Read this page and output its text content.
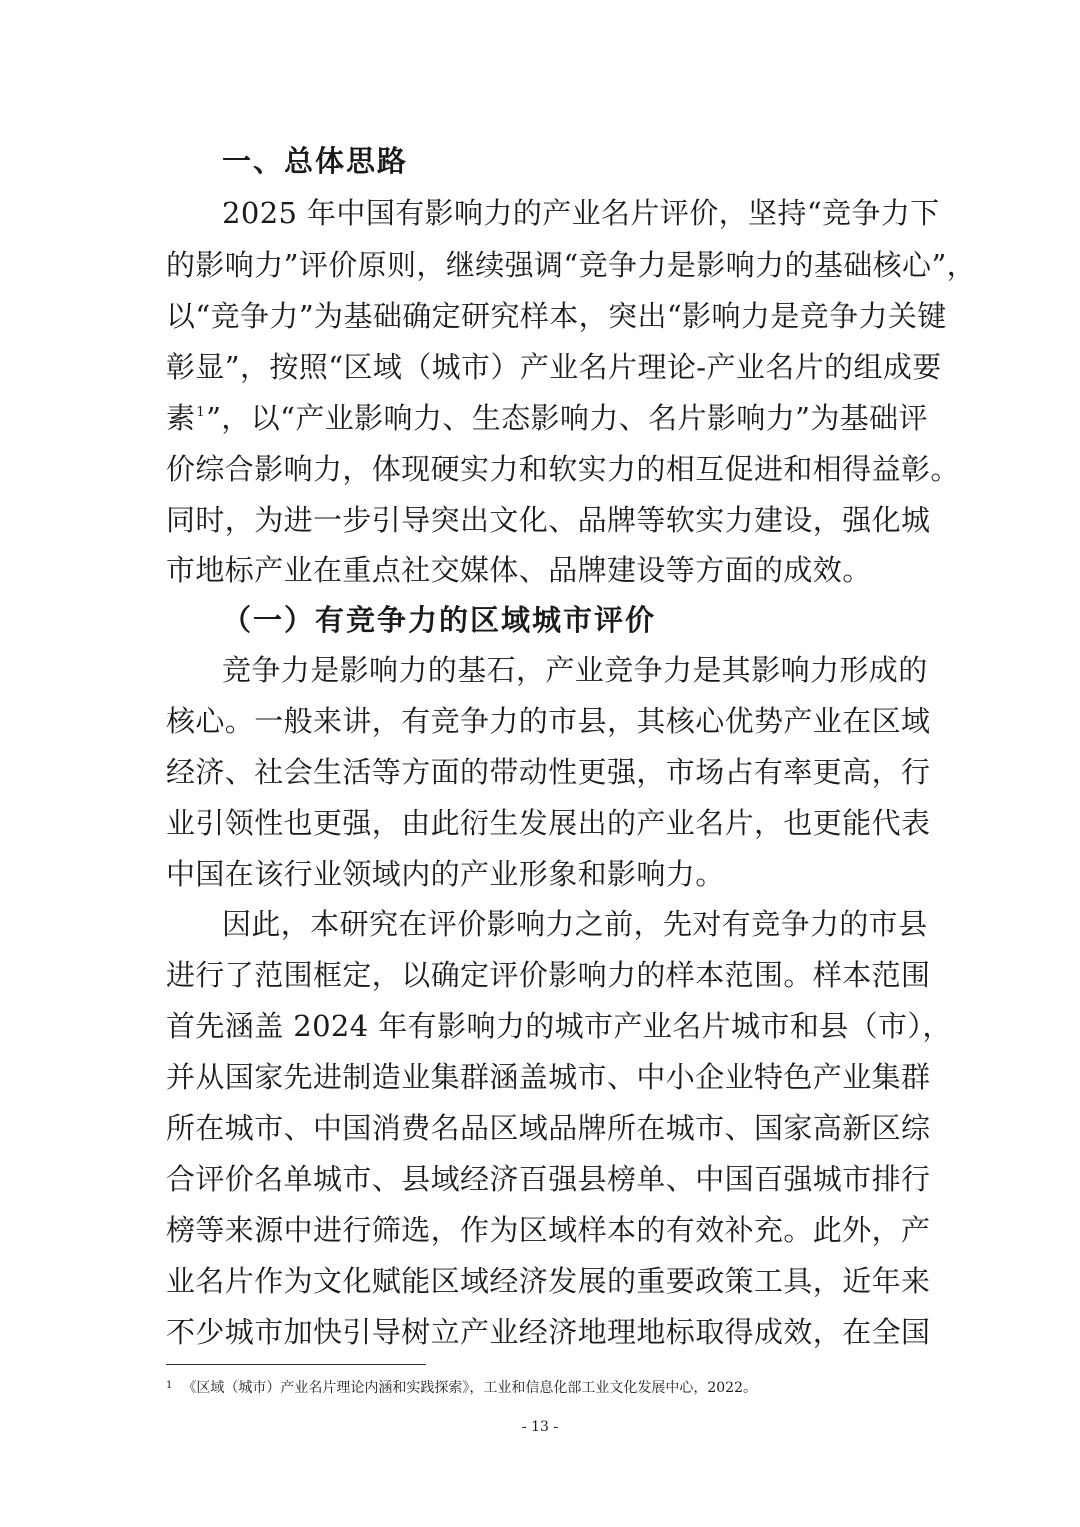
一、总体思路
2025 年中国有影响力的产业名片评价，坚持“竞争力下
的影响力”评价原则，继续强调“竞争力是影响力的基础核心”，
以“竞争力”为基础确定研究样本，突出“影响力是竞争力关键
彰显”，按照“区域（城市）产业名片理论-产业名片的组成要
素$^1$”，以“产业影响力、生态影响力、名片影响力”为基础评
价综合影响力，体现硬实力和软实力的相互促进和相得益彰。
同时，为进一步引导突出文化、品牌等软实力建设，强化城
市地标产业在重点社交媒体、品牌建设等方面的成效。
（一）有竞争力的区域城市评价
竞争力是影响力的基石，产业竞争力是其影响力形成的
核心。一般来讲，有竞争力的市县，其核心优势产业在区域
经济、社会生活等方面的带动性更强，市场占有率更高，行
业引领性也更强，由此衍生发展出的产业名片，也更能代表
中国在该行业领域内的产业形象和影响力。
因此，本研究在评价影响力之前，先对有竞争力的市县
进行了范围框定，以确定评价影响力的样本范围。样本范围
首先涵盖 2024 年有影响力的城市产业名片城市和县（市），
并从国家先进制造业集群涵盖城市、中小企业特色产业集群
所在城市、中国消费名品区域品牌所在城市、国家高新区综
合评价名单城市、县域经济百强县榜单、中国百强城市排行
榜等来源中进行筛选，作为区域样本的有效补充。此外，产
业名片作为文化赋能区域经济发展的重要政策工具，近年来
不少城市加快引导树立产业经济地理地标取得成效，在全国
$^1$ 《区域（城市）产业名片理论内涵和实践探索》，工业和信息化部工业文化发展中心，2022。
- 13 -
